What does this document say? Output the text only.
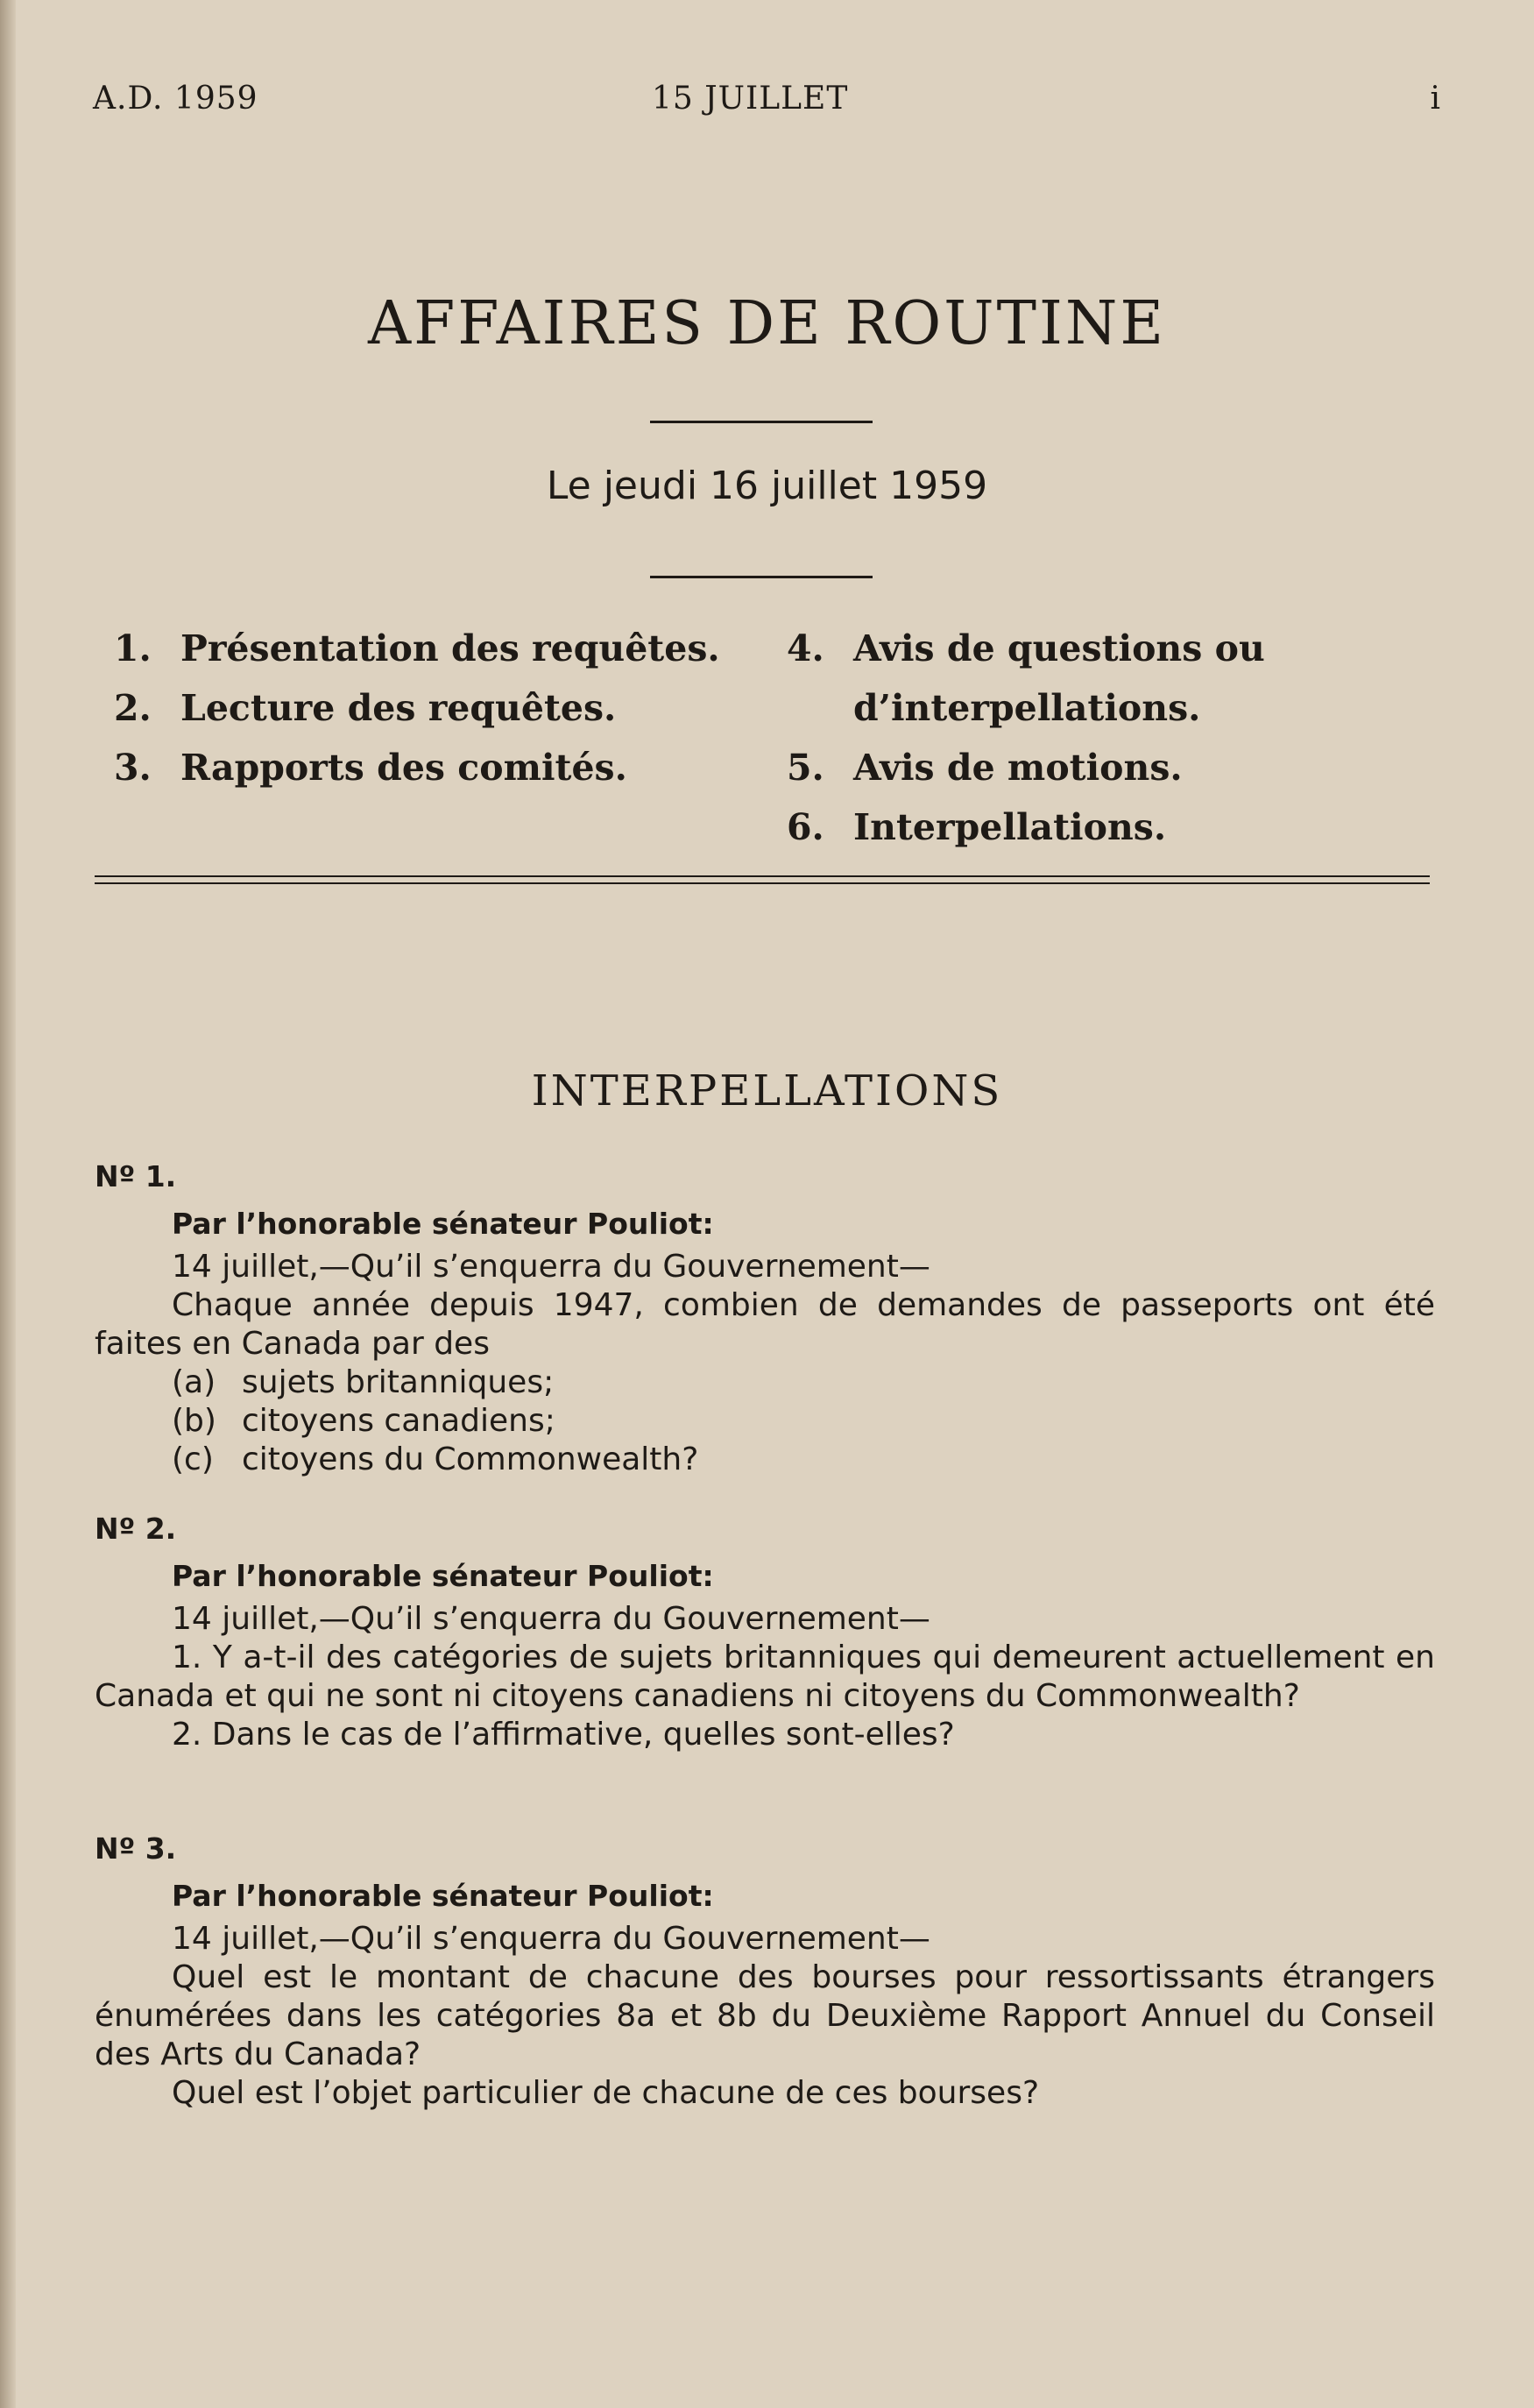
A.D. 1959	15 JUILLET	i
AFFAIRES DE ROUTINE
Le jeudi 16 juillet 1959
1. Présentation des requêtes.
2. Lecture des requêtes.
3. Rapports des comités.
4. Avis de questions ou d’interpellations.
5. Avis de motions.
6. Interpellations.
INTERPELLATIONS
Nº 1.
Par l’honorable sénateur Pouliot:

14 juillet,—Qu’il s’enquerra du Gouvernement—

Chaque année depuis 1947, combien de demandes de passeports ont été faites en Canada par des

(a) sujets britanniques;

(b) citoyens canadiens;

(c) citoyens du Commonwealth?

Nº 2.
Par l’honorable sénateur Pouliot:

14 juillet,—Qu’il s’enquerra du Gouvernement—

1. Y a-t-il des catégories de sujets britanniques qui demeurent actuellement en Canada et qui ne sont ni citoyens canadiens ni citoyens du Commonwealth?

2. Dans le cas de l’affirmative, quelles sont-elles?

Nº 3.
Par l’honorable sénateur Pouliot:

14 juillet,—Qu’il s’enquerra du Gouvernement—

Quel est le montant de chacune des bourses pour ressortissants étrangers énumérées dans les catégories 8a et 8b du Deuxième Rapport Annuel du Conseil des Arts du Canada?

Quel est l’objet particulier de chacune de ces bourses?
